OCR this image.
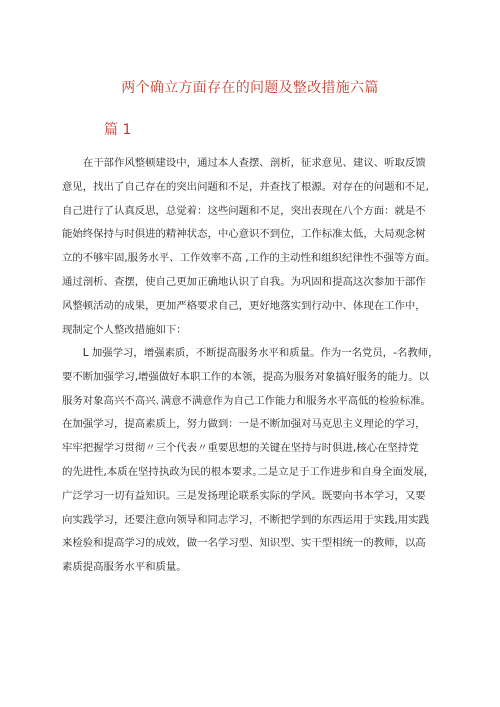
两个确立方面存在的问题及整改措施六篇
篇 1
　　在干部作风整顿建设中，通过本人查摆、剖析，征求意见、建议、听取反馈
意见，找出了自己存在的突出问题和不足，并查找了根源。对存在的问题和不足,
自己进行了认真反思，总觉着：这些问题和不足，突出表现在八个方面：就是不
能始终保持与时俱进的精神状态，中心意识不到位，工作标准太低，大局观念树
立的不够牢固,服务水平、工作效率不高 ,工作的主动性和组织纪律性不强等方面。
通过剖析、查摆，使自己更加正确地认识了自我。为巩固和提高这次参加干部作
风整顿活动的成果，更加严格要求自己，更好地落实到行动中、体现在工作中，
现制定个人整改措施如下：
　　L 加强学习，增强素质，不断提高服务水平和质量。作为一名党员，-名教师，
要不断加强学习,增强做好本职工作的本领，提高为服务对象搞好服务的能力。以
服务对象高兴不高兴､满意不满意作为自己工作能力和服务水平高低的检验标准。
在加强学习，提高素质上，努力做到：一是不断加强对马克思主义理论的学习，
牢牢把握学习贯彻〃三个代表〃重要思想的关键在坚持与时俱进,核心在坚持党
的先进性,本质在坚持执政为民的根本要求｡二是立足于工作进步和自身全面发展，
广泛学习一切有益知识。三是发扬理论联系实际的学风。既要向书本学习，又要
向实践学习，还要注意向领导和同志学习，不断把学到的东西运用于实践,用实践
来检验和提高学习的成效，做一名学习型、知识型、实干型相统一的教师，以高
素质提高服务水平和质量。
